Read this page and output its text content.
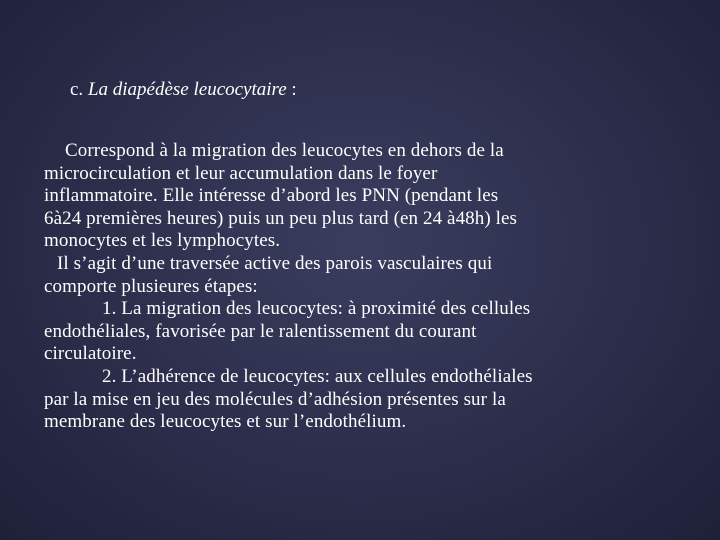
c. La diapédèse leucocytaire :
Correspond à la migration des leucocytes en dehors de la
microcirculation et leur accumulation dans le foyer
inflammatoire. Elle intéresse d’abord les PNN (pendant les
6à24 premières heures) puis un peu plus tard (en 24 à48h) les
monocytes et les lymphocytes.
Il s’agit d’une traversée active des parois vasculaires qui
comporte plusieures étapes:
1. La migration des leucocytes: à proximité des cellules
endothéliales, favorisée par le ralentissement du courant
circulatoire.
2. L’adhérence de leucocytes: aux cellules endothéliales
par la mise en jeu des molécules d’adhésion présentes sur la
membrane des leucocytes et sur l’endothélium.
